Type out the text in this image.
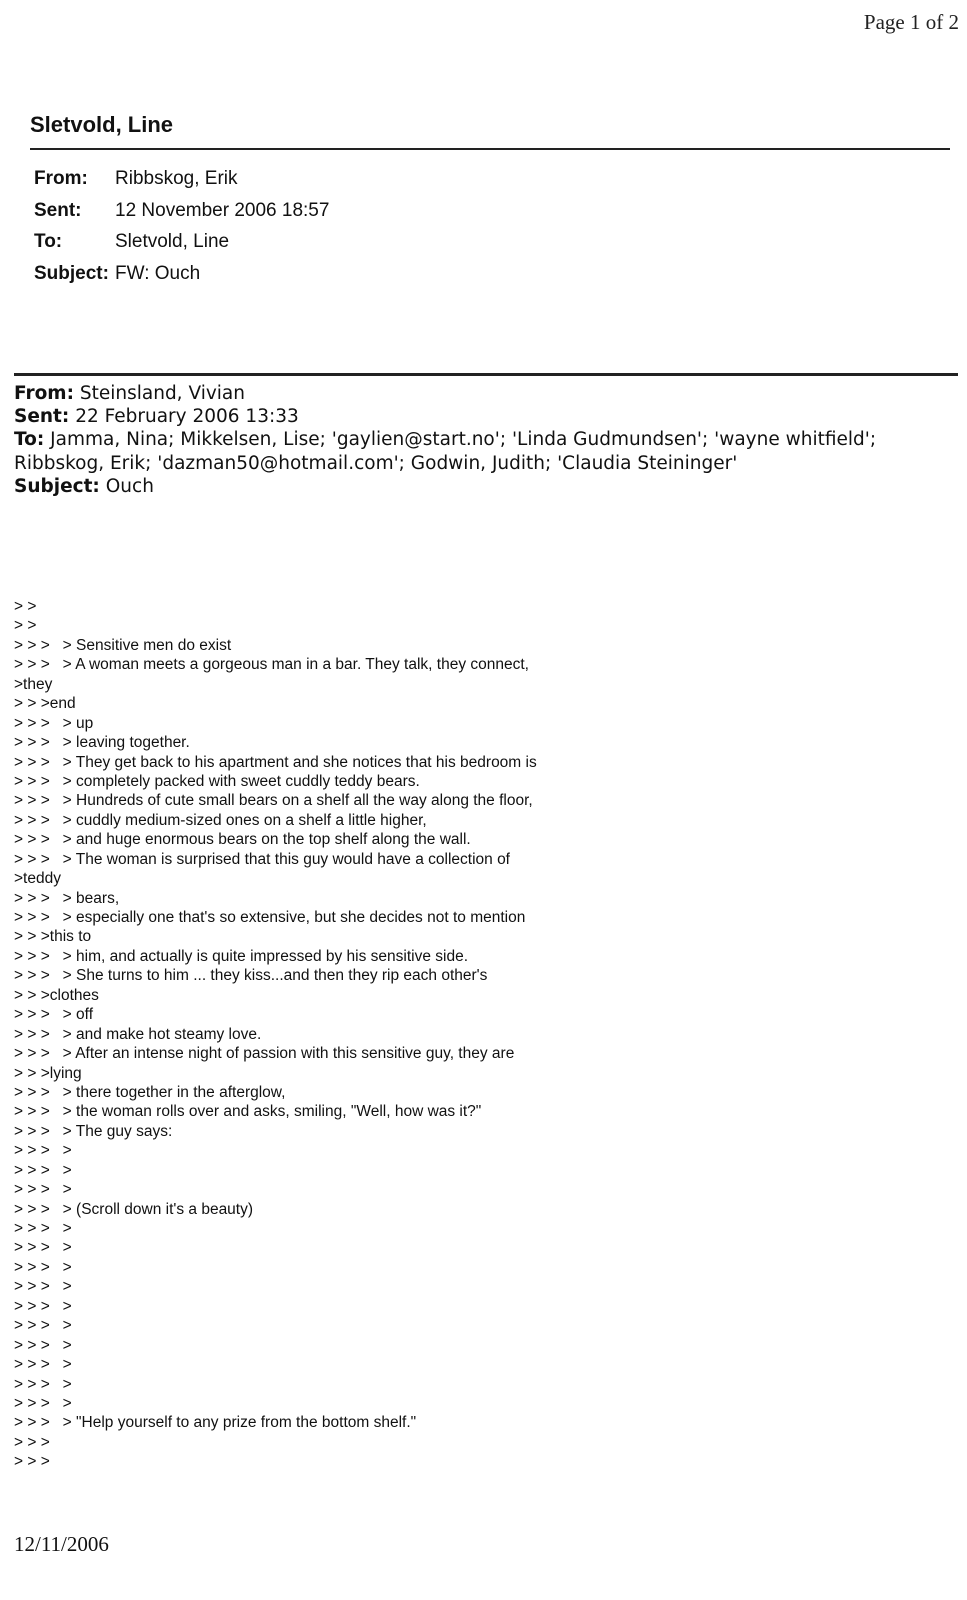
Page 1 of 2
Sletvold, Line
From:	Ribbskog, Erik
Sent:	12 November 2006 18:57
To:	Sletvold, Line
Subject: FW: Ouch
From: Steinsland, Vivian
Sent: 22 February 2006 13:33
To: Jamma, Nina; Mikkelsen, Lise; 'gaylien@start.no'; 'Linda Gudmundsen'; 'wayne whitfield'; Ribbskog, Erik; 'dazman50@hotmail.com'; Godwin, Judith; 'Claudia Steininger'
Subject: Ouch
> >
> >
> > >   > Sensitive men do exist
> > >   > A woman meets a gorgeous man in a bar. They talk, they connect,
>they
> > >end
> > >   > up
> > >   > leaving together.
> > >   > They get back to his apartment and she notices that his bedroom is
> > >   > completely packed with sweet cuddly teddy bears.
> > >   > Hundreds of cute small bears on a shelf all the way along the floor,
> > >   > cuddly medium-sized ones on a shelf a little higher,
> > >   > and huge enormous bears on the top shelf along the wall.
> > >   > The woman is surprised that this guy would have a collection of
>teddy
> > >   > bears,
> > >   > especially one that's so extensive, but she decides not to mention
> > >this to
> > >   > him, and actually is quite impressed by his sensitive side.
> > >   > She turns to him ... they kiss...and then they rip each other's
> > >clothes
> > >   > off
> > >   > and make hot steamy love.
> > >   > After an intense night of passion with this sensitive guy, they are
> > >lying
> > >   > there together in the afterglow,
> > >   > the woman rolls over and asks, smiling, "Well, how was it?"
> > >   > The guy says:
> > >   >
> > >   >
> > >   >
> > >   > (Scroll down it's a beauty)
> > >   >
> > >   >
> > >   >
> > >   >
> > >   >
> > >   >
> > >   >
> > >   >
> > >   >
> > >   >
> > >   > "Help yourself to any prize from the bottom shelf."
> > >
> > >
12/11/2006
